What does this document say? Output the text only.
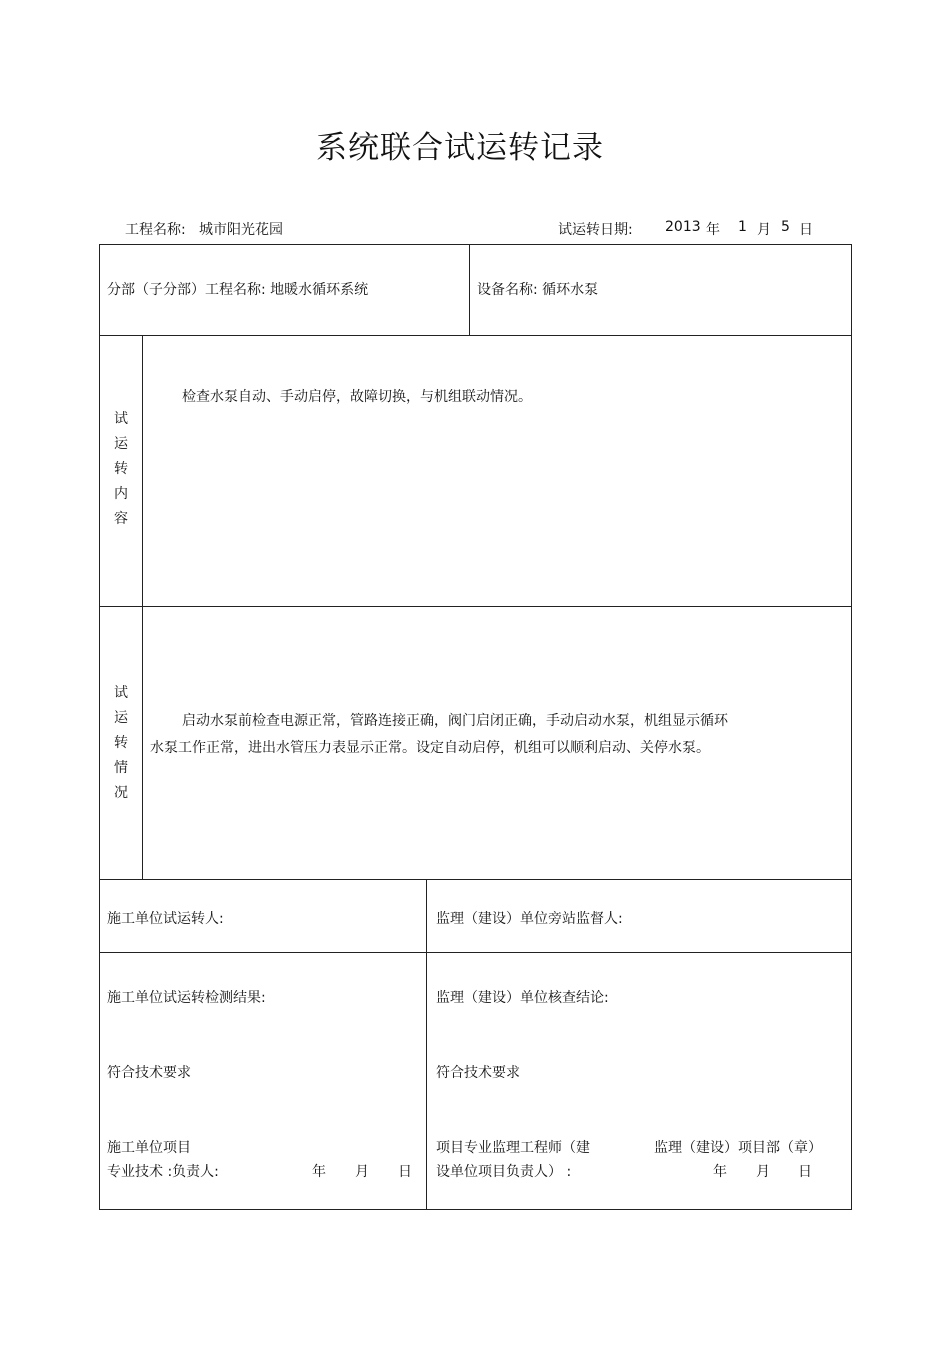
系统联合试运转记录
工程名称: 城市阳光花园	试运转日期: 2013 年 1 月 5 日
分部（子分部）工程名称: 地暖水循环系统	设备名称: 循环水泵
试
运
转
内
容
检查水泵自动、手动启停，故障切换，与机组联动情况。
试
运
转
情
况
启动水泵前检查电源正常，管路连接正确，阀门启闭正确，手动启动水泵，机组显示循环
水泵工作正常，进出水管压力表显示正常。设定自动启停，机组可以顺利启动、关停水泵。
施工单位试运转人:	监理（建设）单位旁站监督人:
施工单位试运转检测结果:
符合技术要求
施工单位项目
专业技术 :负责人:	年 月 日
监理（建设）单位核查结论:
符合技术要求
项目专业监理工程师（建	监理（建设）项目部（章）
设单位项目负责人） :	年 月 日
